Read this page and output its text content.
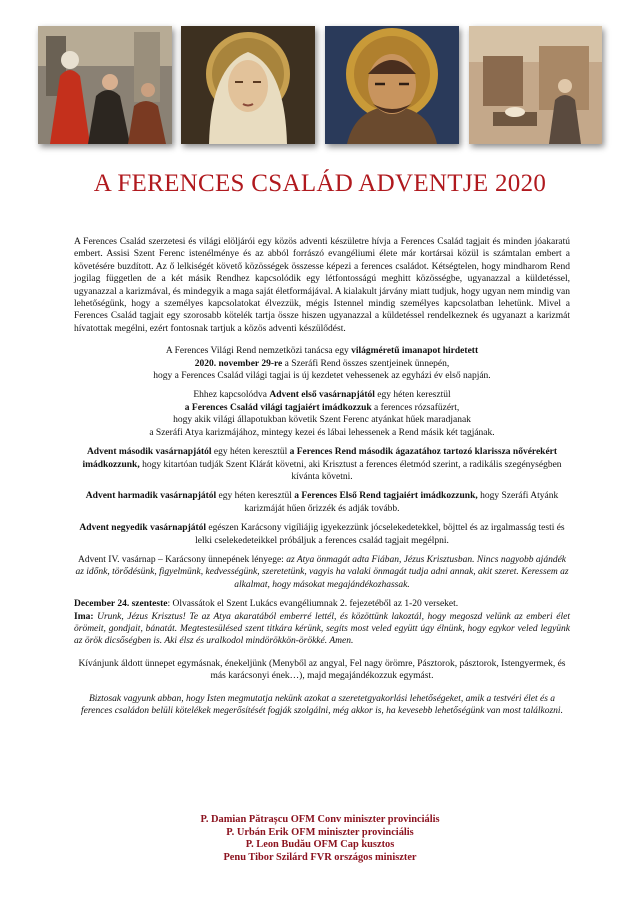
A FERENCES CSALÁD ADVENTJE 2020

A Ferences Család szerzetesi és világi elöljárói egy közös adventi készületre hívja a Ferences Család tagjait és minden jóakaratú embert. Assisi Szent Ferenc istenélménye és az abból forrászó evangéliumi élete már kortársai közül is számtalan embert a követésére buzdított. Az ő lelkiségét követő közösségek összesse képezi a ferences családot. Kétségtelen, hogy mindharom Rend jogilag független de a két másik Rendhez kapcsolódik egy létfontosságú meghitt közösségbe, ugyanazzal a küldetéssel, ugyanazzal a karizmával, és mindegyik a maga saját életformájával. A kialakult járvány miatt tudjuk, hogy ugyan nem mindig van lehetőségünk, hogy a személyes kapcsolatokat élvezzük, mégis Istennel mindig személyes kapcsolatban lehetünk. Mivel a Ferences Család tagjait egy szorosabb kötelék tartja össze hiszen ugyanazzal a küldetéssel rendelkeznek és ugyanazt a karizmát hívatottak megélni, ezért fontosnak tartjuk a közös adventi készülődést.

A Ferences Világi Rend nemzetközi tanácsa egy világméretű imanapot hirdetett
2020. november 29-re a Szeráfi Rend összes szentjeinek ünnepén,
hogy a Ferences Család világi tagjai is új kezdetet vehessenek az egyházi év első napján.

Ehhez kapcsolódva Advent első vasárnapjától egy héten keresztül
a Ferences Család világi tagjaiért imádkozzuk a ferences rózsafüzért,
hogy akik világi állapotukban követik Szent Ferenc atyánkat hűek maradjanak
a Szeráfi Atya karizmájához, mintegy kezei és lábai lehessenek a Rend másik két tagjának.

Advent második vasárnapjától egy héten keresztül a Ferences Rend második ágazatához tartozó klarissza nővérekért imádkozzunk, hogy kitartóan tudják Szent Klárát követni, aki Krisztust a ferences életmód szerint, a radikális szegénységben kívánta követni.

Advent harmadik vasárnapjától egy héten keresztül a Ferences Első Rend tagjaiért imádkozzunk, hogy Szeráfi Atyánk karizmáját hűen őrizzék és adják tovább.

Advent negyedik vasárnapjától egészen Karácsony vigíliájig igyekezzünk jócselekedetekkel, böjttel és az irgalmasság testi és lelki cselekedeteikkel próbáljuk a ferences család tagjait megélpni.

Advent IV. vasárnap – Karácsony ünnepének lényege: az Atya önmagát adta Fiában, Jézus Krisztusban. Nincs nagyobb ajándék az időnk, törődésünk, figyelmünk, kedvességünk, szeretetünk, vagyis ha valaki önmagát tudja adni annak, akit szeret. Keressem az alkalmat, hogy másokat megajándékozhassak.

December 24. szenteste: Olvassátok el Szent Lukács evangéliumnak 2. fejezetéből az 1-20 verseket.
Ima: Urunk, Jézus Krisztus! Te az Atya akaratából emberré lettél, és közöttünk lakoztál, hogy megoszd velünk az emberi élet örömeit, gondjait, bánatát. Megtestesülésed szent titkára kérünk, segíts most veled együtt úgy élnünk, hogy egykor veled legyünk az örök dicsőségben is. Aki élsz és uralkodol mindörökkön-örökké. Amen.

Kívánjunk áldott ünnepet egymásnak, énekeljünk (Menyből az angyal, Fel nagy örömre, Pásztorok, pásztorok, Istengyermek, és más karácsonyi ének…), majd megajándékozzuk egymást.

Biztosak vagyunk abban, hogy Isten megmutatja nekünk azokat a szeretetgyakorlási lehetőségeket, amik a testvéri élet és a ferences családon belüli kötelékek megerősítését fogják szolgálni, még akkor is, ha kevesebb lehetőségünk van most találkozni.

P. Damian Pătrașcu OFM Conv miniszter provinciális
P. Urbán Erik OFM miniszter provinciális
P. Leon Budău OFM Cap kusztos
Penu Tibor Szilárd FVR országos miniszter
